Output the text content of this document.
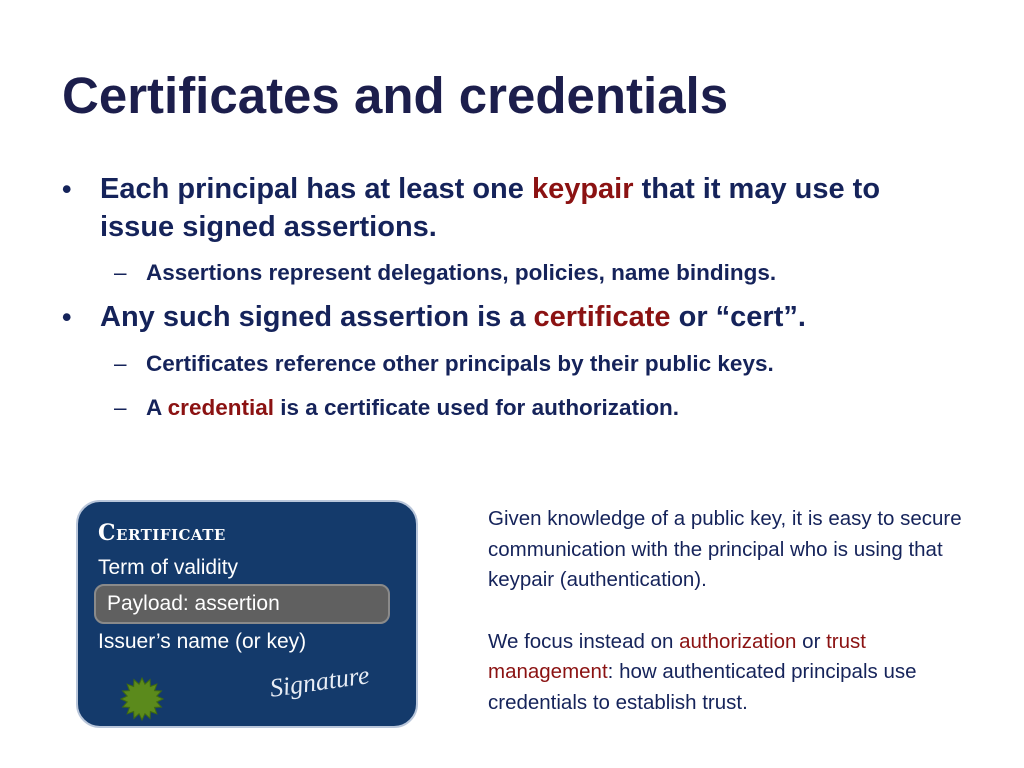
Certificates and credentials
• Each principal has at least one keypair that it may use to issue signed assertions.
– Assertions represent delegations, policies, name bindings.
• Any such signed assertion is a certificate or “cert”.
– Certificates reference other principals by their public keys.
– A credential is a certificate used for authorization.
Certificate
Term of validity
Payload: assertion
Issuer’s name (or key)
Signature

Given knowledge of a public key, it is easy to secure communication with the principal who is using that keypair (authentication).

We focus instead on authorization or trust management: how authenticated principals use credentials to establish trust.
